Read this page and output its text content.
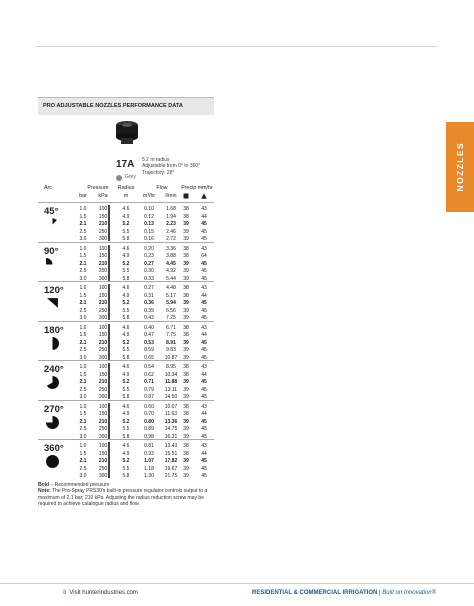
NOZZLES
PRO ADJUSTABLE NOZZLES PERFORMANCE DATA
17A
Grey
5.2 m radius
Adjustable from 0° to 360°
Trajectory: 28°
Arc	Pressure	Radius	Flow	Precip mm/hr
bar	kPa	m	m³/hr	l/min
45°	1.0	100	4.6	0.10	1.68	38	43
1.5	150	4.9	0.12	1.94	38	44
2.1	210	5.2	0.13	2.23	39	45
2.5	250	5.5	0.15	2.46	39	45
3.0	300	5.8	0.16	2.72	39	45
90°	1.0	100	4.6	0.20	3.36	38	43
1.5	150	4.9	0.23	3.88	38	64
2.1	210	5.2	0.27	4.45	39	45
2.5	250	5.5	0.30	4.92	39	45
3.0	300	5.8	0.33	5.44	39	45
120°	1.0	100	4.6	0.27	4.48	38	43
1.5	150	4.9	0.31	5.17	38	44
2.1	210	5.2	0.36	5.94	39	45
2.5	250	5.5	0.39	6.56	39	45
3.0	300	5.8	0.43	7.25	39	45
180°	1.0	100	4.6	0.40	6.71	38	43
1.5	150	4.9	0.47	7.75	38	44
2.1	210	5.2	0.53	8.91	39	45
2.5	250	5.5	0.59	9.83	39	45
3.0	300	5.8	0.65	10.87	39	45
240°	1.0	100	4.6	0.54	8.95	38	43
1.5	150	4.9	0.62	10.34	38	44
2.1	210	5.2	0.71	11.88	39	45
2.5	250	5.5	0.79	13.11	39	45
3.0	300	5.8	0.87	14.50	39	45
270°	1.0	100	4.6	0.60	10.07	38	43
1.5	150	4.9	0.70	11.63	38	44
2.1	210	5.2	0.80	13.36	39	45
2.5	250	5.5	0.89	14.75	39	45
3.0	300	5.8	0.98	16.31	39	45
360°	1.0	100	4.6	0.81	13.43	38	43
1.5	150	4.9	0.93	15.51	38	44
2.1	210	5.2	1.07	17.82	39	45
2.5	250	5.5	1.18	19.67	39	45
3.0	300	5.8	1.30	21.75	39	45
Bold – Recommended pressure
Note: The Pro-Spray PRS30's built-in pressure regulator controls output to a maximum of 2.1 bar; 210 kPa. Adjusting the radius reduction screw may be required to achieve catalogue radius and flow.
8 Visit hunterindustries.com	RESIDENTIAL & COMMERCIAL IRRIGATION | Built on Innovation®
